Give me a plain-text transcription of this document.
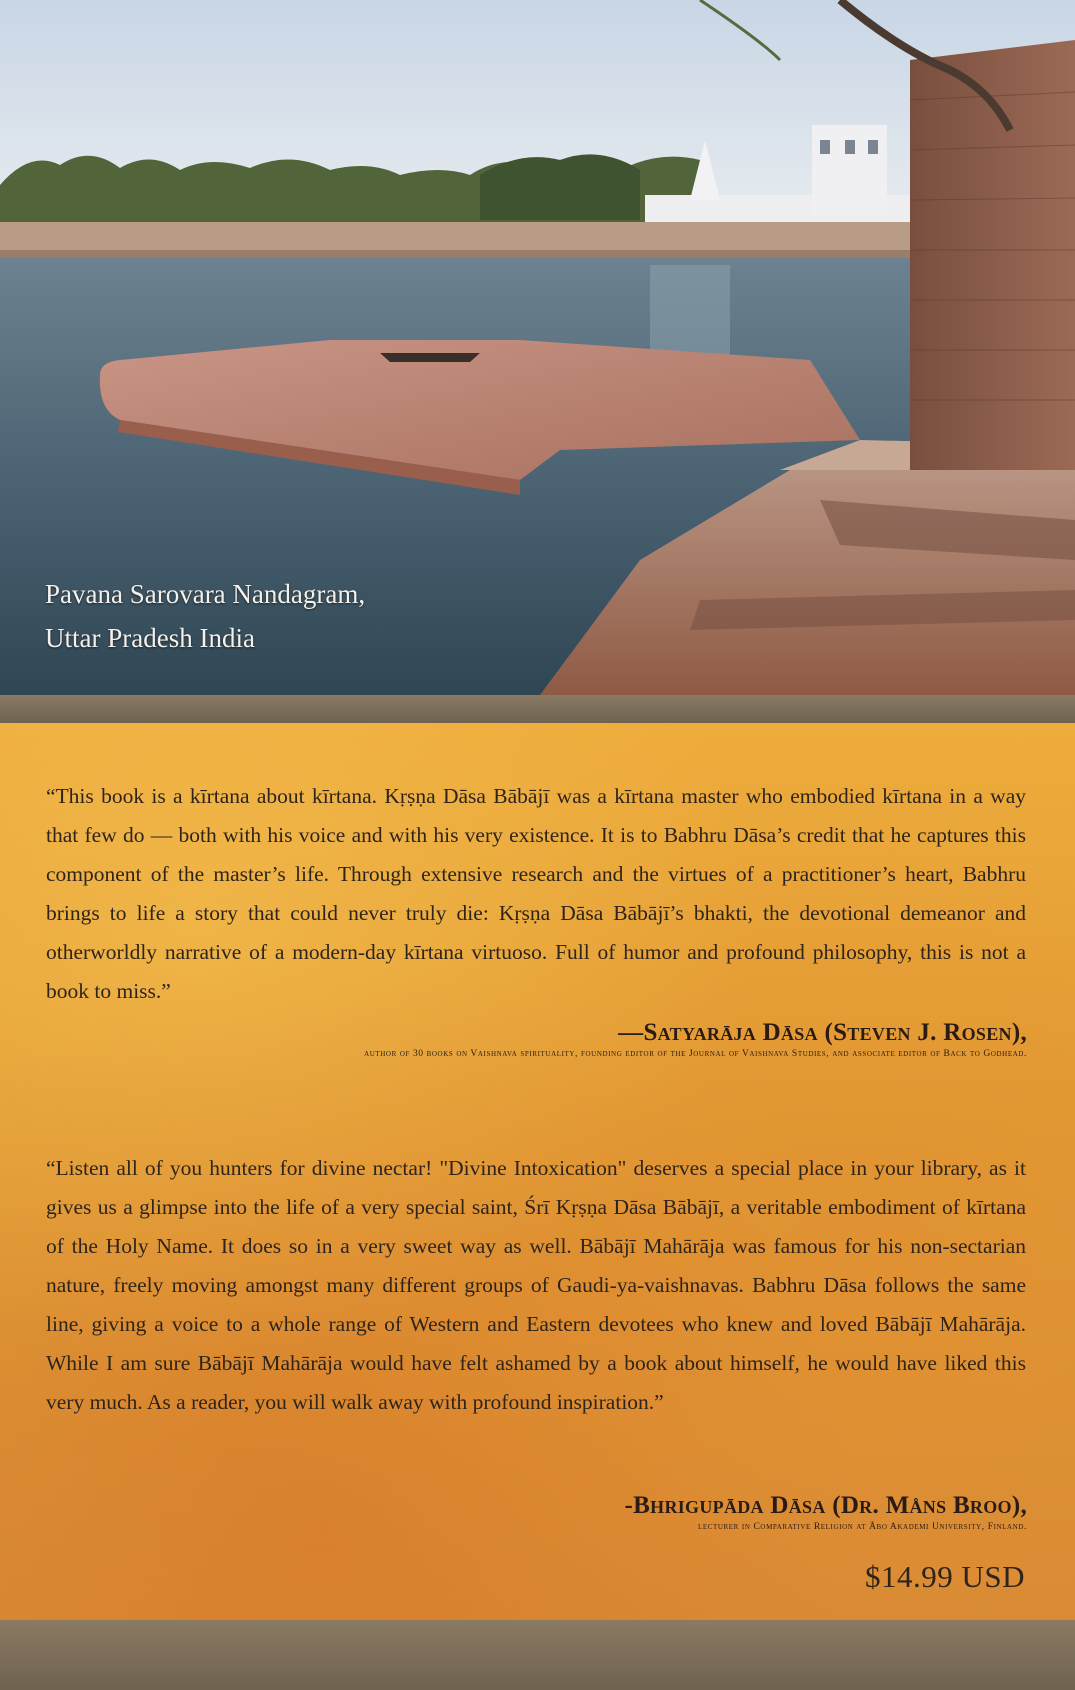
Pavana Sarovara Nandagram,
Uttar Pradesh India

“This book is a kīrtana about kīrtana. Kṛṣṇa Dāsa Bābājī was a kīrtana master who embodied kīrtana in a way that few do — both with his voice and with his very existence. It is to Babhru Dāsa’s credit that he captures this component of the master’s life. Through extensive research and the virtues of a practitioner’s heart, Babhru brings to life a story that could never truly die: Kṛṣṇa Dāsa Bābājī’s bhakti, the devotional demeanor and otherworldly narrative of a modern-day kīrtana virtuoso. Full of humor and profound philosophy, this is not a book to miss.”

—Satyarāja Dāsa (Steven J. Rosen),
author of 30 books on Vaishnava spirituality, founding editor of the Journal of Vaishnava Studies, and associate editor of Back to Godhead.

“Listen all of you hunters for divine nectar! "Divine Intoxication" deserves a special place in your library, as it gives us a glimpse into the life of a very special saint, Śrī Kṛṣṇa Dāsa Bābājī, a veritable embodiment of kīrtana of the Holy Name. It does so in a very sweet way as well. Bābājī Mahārāja was famous for his non-sectarian nature, freely moving amongst many different groups of Gaudi-ya-vaishnavas. Babhru Dāsa follows the same line, giving a voice to a whole range of Western and Eastern devotees who knew and loved Bābājī Mahārāja. While I am sure Bābājī Mahārāja would have felt ashamed by a book about himself, he would have liked this very much. As a reader, you will walk away with profound inspiration.”

-Bhrigupāda Dāsa (Dr. Måns Broo),
lecturer in Comparative Religion at Åbo Akademi University, Finland.
$14.99 USD
